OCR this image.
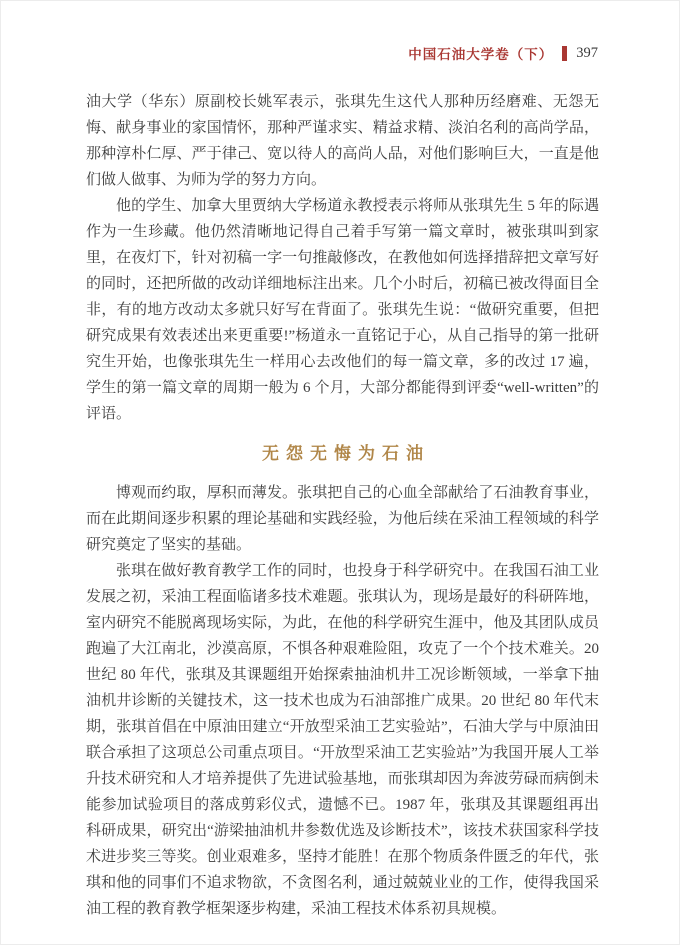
中国石油大学卷（下） 397

油大学（华东）原副校长姚军表示，张琪先生这代人那种历经磨难、无怨无悔、献身事业的家国情怀，那种严谨求实、精益求精、淡泊名利的高尚学品，那种淳朴仁厚、严于律己、宽以待人的高尚人品，对他们影响巨大，一直是他们做人做事、为师为学的努力方向。

他的学生、加拿大里贾纳大学杨道永教授表示将师从张琪先生 5 年的际遇作为一生珍藏。他仍然清晰地记得自己着手写第一篇文章时，被张琪叫到家里，在夜灯下，针对初稿一字一句推敲修改，在教他如何选择措辞把文章写好的同时，还把所做的改动详细地标注出来。几个小时后，初稿已被改得面目全非，有的地方改动太多就只好写在背面了。张琪先生说：“做研究重要，但把研究成果有效表述出来更重要!”杨道永一直铭记于心，从自己指导的第一批研究生开始，也像张琪先生一样用心去改他们的每一篇文章，多的改过 17 遍，学生的第一篇文章的周期一般为 6 个月，大部分都能得到评委“well-written”的评语。

无怨无悔为石油

博观而约取，厚积而薄发。张琪把自己的心血全部献给了石油教育事业，而在此期间逐步积累的理论基础和实践经验，为他后续在采油工程领域的科学研究奠定了坚实的基础。

张琪在做好教育教学工作的同时，也投身于科学研究中。在我国石油工业发展之初，采油工程面临诸多技术难题。张琪认为，现场是最好的科研阵地，室内研究不能脱离现场实际，为此，在他的科学研究生涯中，他及其团队成员跑遍了大江南北，沙漠高原，不惧各种艰难险阻，攻克了一个个技术难关。20 世纪 80 年代，张琪及其课题组开始探索抽油机井工况诊断领域，一举拿下抽油机井诊断的关键技术，这一技术也成为石油部推广成果。20 世纪 80 年代末期，张琪首倡在中原油田建立“开放型采油工艺实验站”，石油大学与中原油田联合承担了这项总公司重点项目。“开放型采油工艺实验站”为我国开展人工举升技术研究和人才培养提供了先进试验基地，而张琪却因为奔波劳碌而病倒未能参加试验项目的落成剪彩仪式，遗憾不已。1987 年，张琪及其课题组再出科研成果，研究出“游梁抽油机井参数优选及诊断技术”，该技术获国家科学技术进步奖三等奖。创业艰难多，坚持才能胜！在那个物质条件匮乏的年代，张琪和他的同事们不追求物欲，不贪图名利，通过兢兢业业的工作，使得我国采油工程的教育教学框架逐步构建，采油工程技术体系初具规模。
